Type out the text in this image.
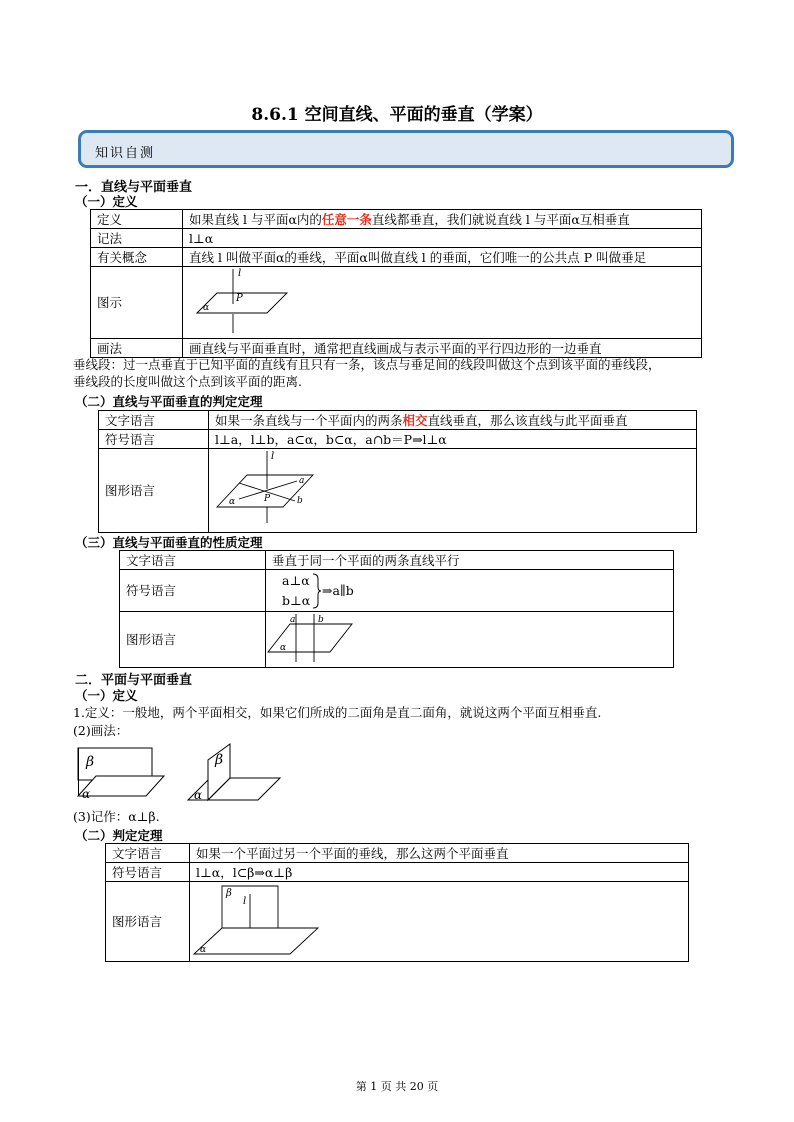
8.6.1 空间直线、平面的垂直（学案）
知识自测
一．直线与平面垂直
（一）定义
定义	如果直线 l 与平面α内的任意一条直线都垂直，我们就说直线 l 与平面α互相垂直
记法	l⊥α
有关概念	直线 l 叫做平面α的垂线，平面α叫做直线 l 的垂面，它们唯一的公共点 P 叫做垂足
图示	l
P
α

画法	画直线与平面垂直时，通常把直线画成与表示平面的平行四边形的一边垂直
垂线段：过一点垂直于已知平面的直线有且只有一条，该点与垂足间的线段叫做这个点到该平面的垂线段，
垂线段的长度叫做这个点到该平面的距离.
（二）直线与平面垂直的判定定理
文字语言	如果一条直线与一个平面内的两条相交直线垂直，那么该直线与此平面垂直
符号语言	l⊥a，l⊥b，a⊂α，b⊂α，a∩b＝P⇒l⊥α
图形语言	l
a
b
P
α
（三）直线与平面垂直的性质定理
文字语言	垂直于同一个平面的两条直线平行
符号语言	a⊥α
b⊥α
⇒a∥b

图形语言	a b
α
二．平面与平面垂直
（一）定义
1.定义：一般地，两个平面相交，如果它们所成的二面角是直二面角，就说这两个平面互相垂直.
(2)画法：
β
α
β
α
(3)记作：α⊥β.
（二）判定定理
文字语言	如果一个平面过另一个平面的垂线，那么这两个平面垂直
符号语言	l⊥α，l⊂β⇒α⊥β
图形语言	β
l
α
第 1 页 共 20 页
